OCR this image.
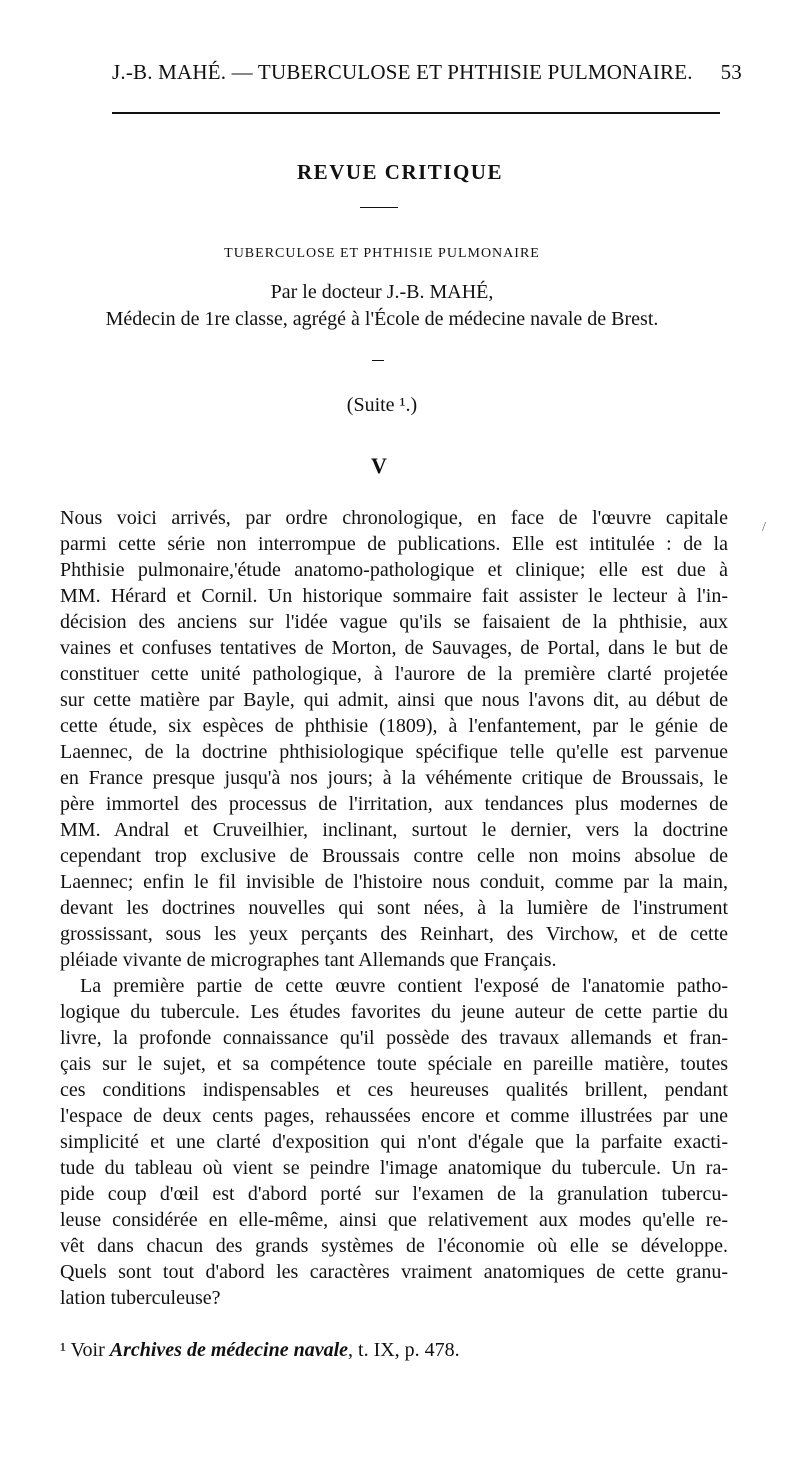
J.-B. MAHÉ. — TUBERCULOSE ET PHTHISIE PULMONAIRE. 53
REVUE CRITIQUE
TUBERCULOSE ET PHTHISIE PULMONAIRE
Par le docteur J.-B. MAHÉ,
Médecin de 1re classe, agrégé à l'École de médecine navale de Brest.
(Suite ¹.)
V
/
Nous voici arrivés, par ordre chronologique, en face de l'œuvre capitale
parmi cette série non interrompue de publications. Elle est intitulée : de la
Phthisie pulmonaire,'étude anatomo-pathologique et clinique; elle est due à
MM. Hérard et Cornil. Un historique sommaire fait assister le lecteur à l'in-
décision des anciens sur l'idée vague qu'ils se faisaient de la phthisie, aux
vaines et confuses tentatives de Morton, de Sauvages, de Portal, dans le but de
constituer cette unité pathologique, à l'aurore de la première clarté projetée
sur cette matière par Bayle, qui admit, ainsi que nous l'avons dit, au début de
cette étude, six espèces de phthisie (1809), à l'enfantement, par le génie de
Laennec, de la doctrine phthisiologique spécifique telle qu'elle est parvenue
en France presque jusqu'à nos jours; à la véhémente critique de Broussais, le
père immortel des processus de l'irritation, aux tendances plus modernes de
MM. Andral et Cruveilhier, inclinant, surtout le dernier, vers la doctrine
cependant trop exclusive de Broussais contre celle non moins absolue de
Laennec; enfin le fil invisible de l'histoire nous conduit, comme par la main,
devant les doctrines nouvelles qui sont nées, à la lumière de l'instrument
grossissant, sous les yeux perçants des Reinhart, des Virchow, et de cette
pléiade vivante de micrographes tant Allemands que Français.
La première partie de cette œuvre contient l'exposé de l'anatomie patho-
logique du tubercule. Les études favorites du jeune auteur de cette partie du
livre, la profonde connaissance qu'il possède des travaux allemands et fran-
çais sur le sujet, et sa compétence toute spéciale en pareille matière, toutes
ces conditions indispensables et ces heureuses qualités brillent, pendant
l'espace de deux cents pages, rehaussées encore et comme illustrées par une
simplicité et une clarté d'exposition qui n'ont d'égale que la parfaite exacti-
tude du tableau où vient se peindre l'image anatomique du tubercule. Un ra-
pide coup d'œil est d'abord porté sur l'examen de la granulation tubercu-
leuse considérée en elle-même, ainsi que relativement aux modes qu'elle re-
vêt dans chacun des grands systèmes de l'économie où elle se développe.
Quels sont tout d'abord les caractères vraiment anatomiques de cette granu-
lation tuberculeuse?
¹ Voir Archives de médecine navale, t. IX, p. 478.
